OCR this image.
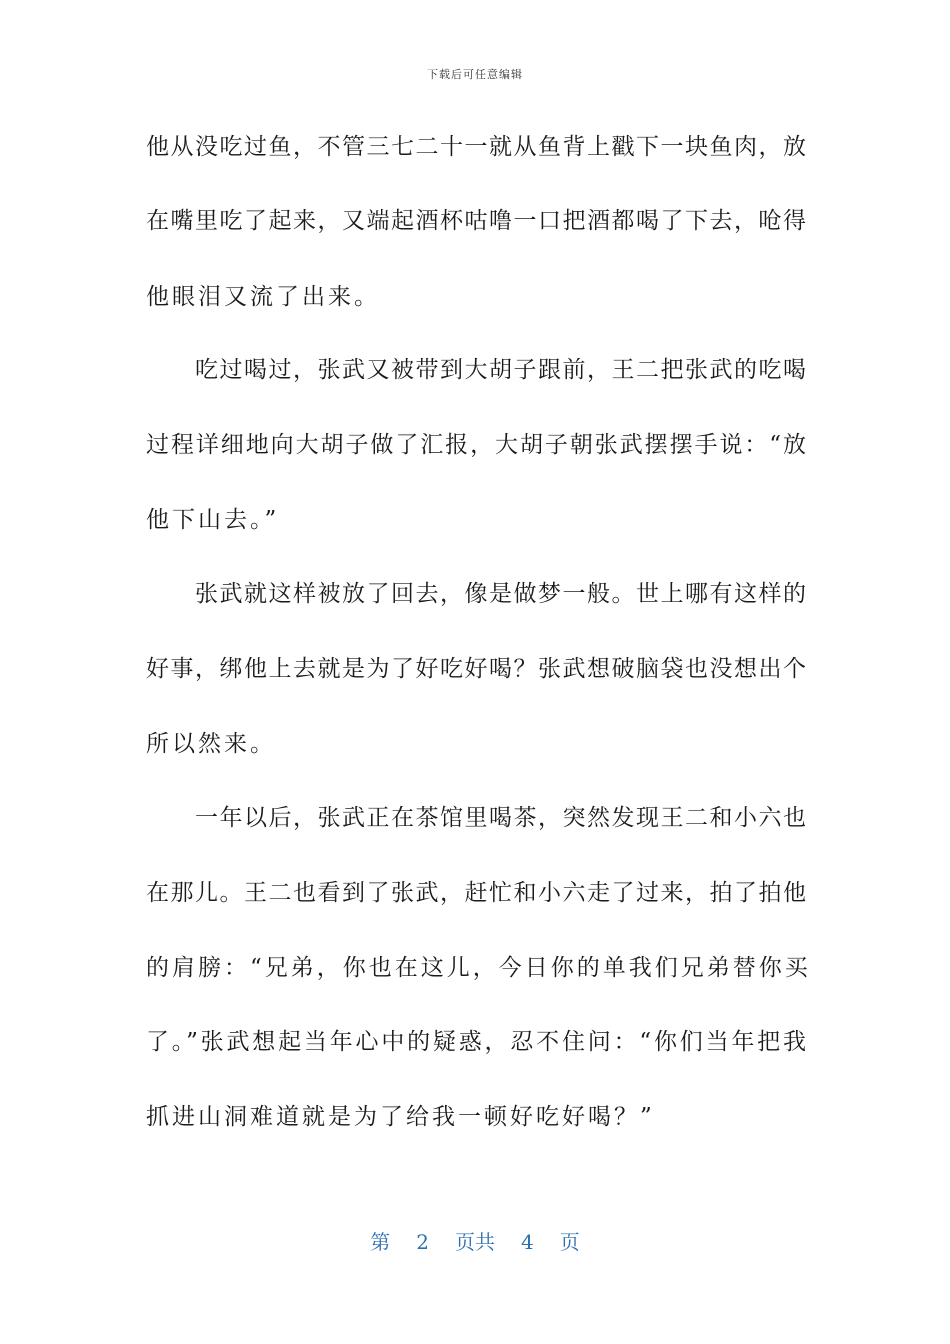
下载后可任意编辑
他从没吃过鱼，不管三七二十一就从鱼背上戳下一块鱼肉，放
在嘴里吃了起来，又端起酒杯咕噜一口把酒都喝了下去，呛得
他眼泪又流了出来。
　　吃过喝过，张武又被带到大胡子跟前，王二把张武的吃喝
过程详细地向大胡子做了汇报，大胡子朝张武摆摆手说：“放
他下山去。”
　　张武就这样被放了回去，像是做梦一般。世上哪有这样的
好事，绑他上去就是为了好吃好喝？张武想破脑袋也没想出个
所以然来。
　　一年以后，张武正在茶馆里喝茶，突然发现王二和小六也
在那儿。王二也看到了张武，赶忙和小六走了过来，拍了拍他
的肩膀：“兄弟，你也在这儿，今日你的单我们兄弟替你买
了。”张武想起当年心中的疑惑，忍不住问：“你们当年把我
抓进山洞难道就是为了给我一顿好吃好喝？”
第 2 页共 4 页
